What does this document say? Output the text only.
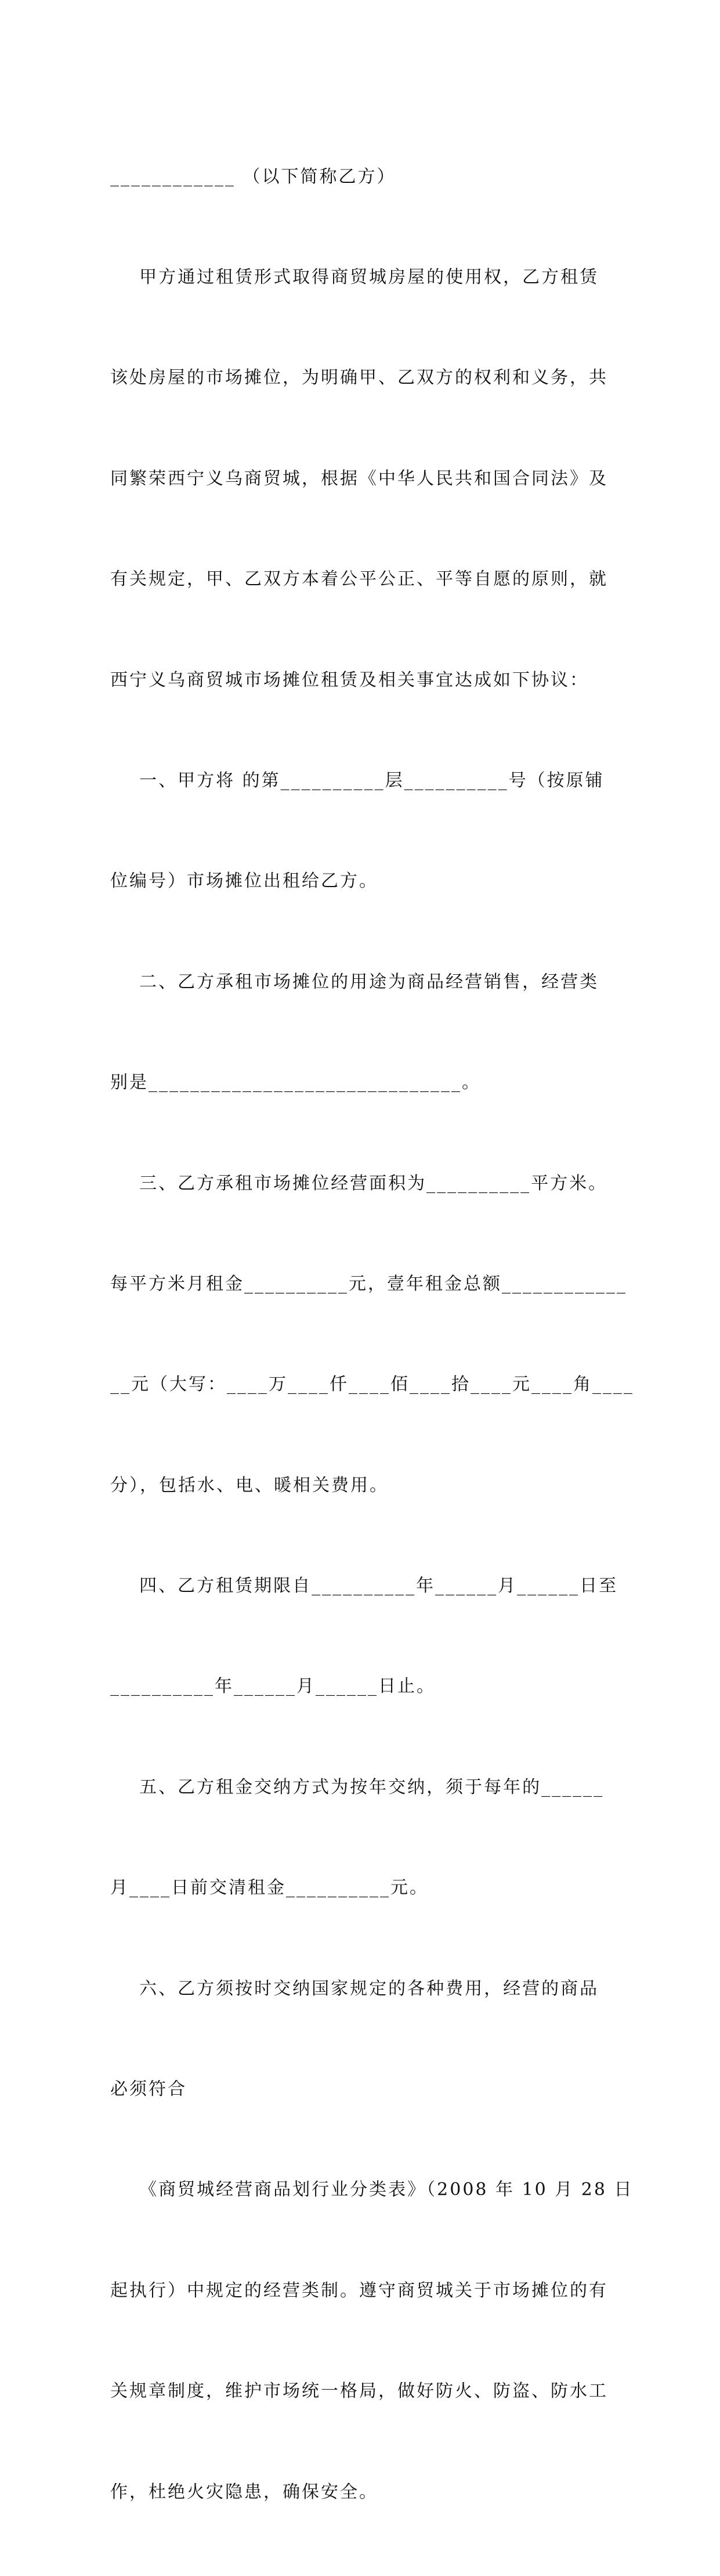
____________ （以下简称乙方）

甲方通过租赁形式取得商贸城房屋的使用权，乙方租赁

该处房屋的市场摊位，为明确甲、乙双方的权利和义务，共

同繁荣西宁义乌商贸城，根据《中华人民共和国合同法》及

有关规定，甲、乙双方本着公平公正、平等自愿的原则，就

西宁义乌商贸城市场摊位租赁及相关事宜达成如下协议：

一、甲方将 的第__________层__________号（按原铺

位编号）市场摊位出租给乙方。

二、乙方承租市场摊位的用途为商品经营销售，经营类

别是______________________________。

三、乙方承租市场摊位经营面积为__________平方米。

每平方米月租金__________元，壹年租金总额____________

__元（大写：____万____仟____佰____拾____元____角____

分），包括水、电、暖相关费用。

四、乙方租赁期限自__________年______月______日至

__________年______月______日止。

五、乙方租金交纳方式为按年交纳，须于每年的______

月____日前交清租金__________元。

六、乙方须按时交纳国家规定的各种费用，经营的商品

必须符合

《商贸城经营商品划行业分类表》（2008 年 10 月 28 日

起执行）中规定的经营类制。遵守商贸城关于市场摊位的有

关规章制度，维护市场统一格局，做好防火、防盗、防水工

作，杜绝火灾隐患，确保安全。
